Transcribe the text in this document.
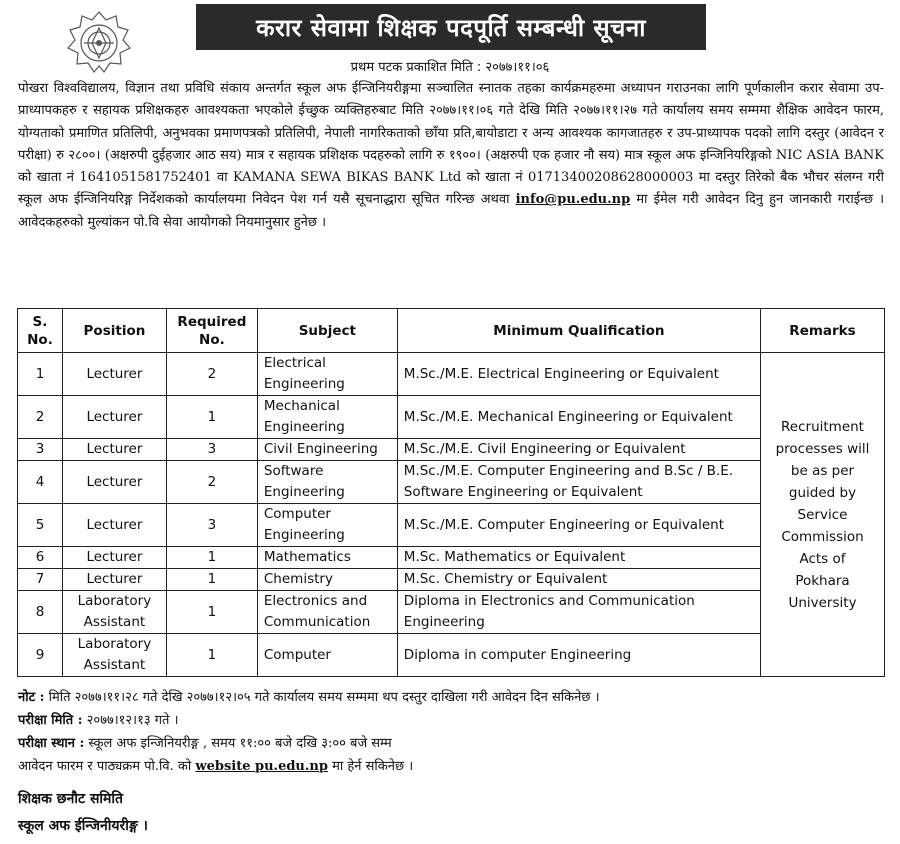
करार सेवामा शिक्षक पदपूर्ति सम्बन्धी सूचना
प्रथम पटक प्रकाशित मिति : २०७७।११।०६
पोखरा विश्वविद्यालय, विज्ञान तथा प्रविधि संकाय अन्तर्गत स्कूल अफ ईन्जिनियरीङ्गमा सञ्चालित स्नातक तहका कार्यक्रमहरुमा अध्यापन गराउनका लागि पूर्णकालीन करार सेवामा उप-प्राध्यापकहरु र सहायक प्रशिक्षकहरु आवश्यकता भएकोले ईच्छुक व्यक्तिहरुबाट मिति २०७७।११।०६ गते देखि मिति २०७७।११।२७ गते कार्यालय समय सम्ममा शैक्षिक आवेदन फारम, योग्यताको प्रमाणित प्रतिलिपी, अनुभवका प्रमाणपत्रको प्रतिलिपी, नेपाली नागरिकताको छाँया प्रति,बायोडाटा र अन्य आवश्यक कागजातहरु र उप-प्राध्यापक पदको लागि दस्तुर (आवेदन र परीक्षा) रु २८००। (अक्षरुपी दुईहजार आठ सय) मात्र र सहायक प्रशिक्षक पदहरुको लागि रु १९००। (अक्षरुपी एक हजार नौ सय) मात्र स्कूल अफ इन्जिनियरिङ्गको NIC ASIA BANK को खाता नं 1641051581752401 वा KAMANA SEWA BIKAS BANK Ltd को खाता नं 01713400208628000003 मा दस्तुर तिरेको बैक भौचर संलग्न गरी स्कूल अफ ईन्जिनियरिङ्ग निर्देशकको कार्यालयमा निवेदन पेश गर्न यसै सूचनाद्धारा सूचित गरिन्छ अथवा info@pu.edu.np मा ईमेल गरी आवेदन दिनु हुन जानकारी गराईन्छ । आवेदकहरुको मुल्यांकन पो.वि सेवा आयोगको नियमानुसार हुनेछ ।
S. No.	Position	Required No.	Subject	Minimum Qualification	Remarks
1	Lecturer	2	Electrical Engineering	M.Sc./M.E. Electrical Engineering or Equivalent	Recruitment processes will be as per guided by Service Commission Acts of Pokhara University
2	Lecturer	1	Mechanical Engineering	M.Sc./M.E. Mechanical Engineering or Equivalent	
3	Lecturer	3	Civil Engineering	M.Sc./M.E. Civil Engineering or Equivalent	
4	Lecturer	2	Software Engineering	M.Sc./M.E. Computer Engineering and B.Sc / B.E. Software Engineering or Equivalent	
5	Lecturer	3	Computer Engineering	M.Sc./M.E. Computer Engineering or Equivalent	
6	Lecturer	1	Mathematics	M.Sc. Mathematics or Equivalent	
7	Lecturer	1	Chemistry	M.Sc. Chemistry or Equivalent	
8	Laboratory Assistant	1	Electronics and Communication	Diploma in Electronics and Communication Engineering	
9	Laboratory Assistant	1	Computer	Diploma in computer Engineering	
नोट : मिति २०७७।११।२८ गते देखि २०७७।१२।०५ गते कार्यालय समय सम्ममा थप दस्तुर दाखिला गरी आवेदन दिन सकिनेछ ।
परीक्षा मिति : २०७७।१२।१३ गते ।
परीक्षा स्थान : स्कूल अफ इन्जिनियरीङ्ग , समय ११:०० बजे दखि ३:०० बजे सम्म
आवेदन फारम र पाठ्यक्रम पो.वि. को website pu.edu.np मा हेर्न सकिनेछ ।
शिक्षक छनौट समिति
स्कूल अफ ईन्जिनीयरीङ्ग ।
